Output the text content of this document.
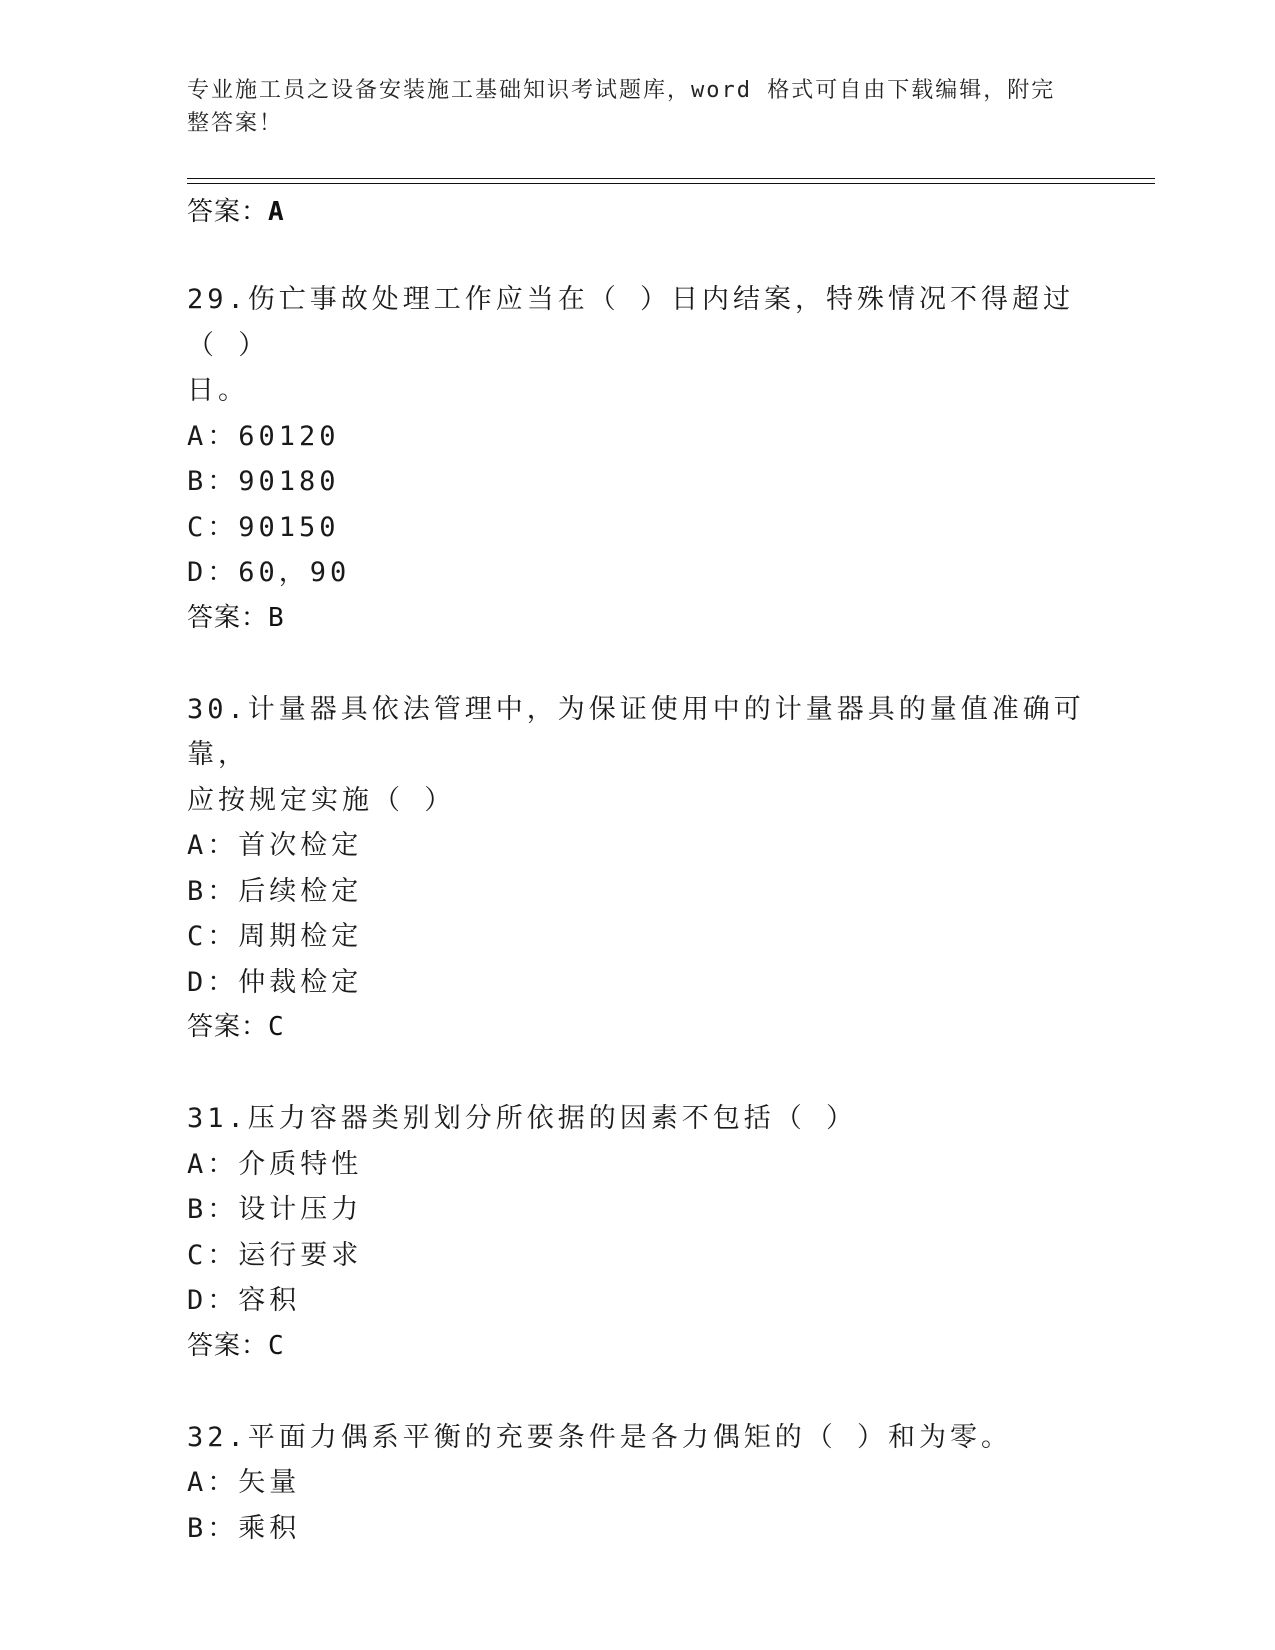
专业施工员之设备安装施工基础知识考试题库，word 格式可自由下载编辑，附完
整答案！
答案：A
29.伤亡事故处理工作应当在（ ）日内结案，特殊情况不得超过（ ）
日。
A：60120
B：90180
C：90150
D：60，90
答案：B
30.计量器具依法管理中，为保证使用中的计量器具的量值准确可靠，
应按规定实施（ ）
A：首次检定
B：后续检定
C：周期检定
D：仲裁检定
答案：C
31.压力容器类别划分所依据的因素不包括（ ）
A：介质特性
B：设计压力
C：运行要求
D：容积
答案：C
32.平面力偶系平衡的充要条件是各力偶矩的（ ）和为零。
A：矢量
B：乘积
